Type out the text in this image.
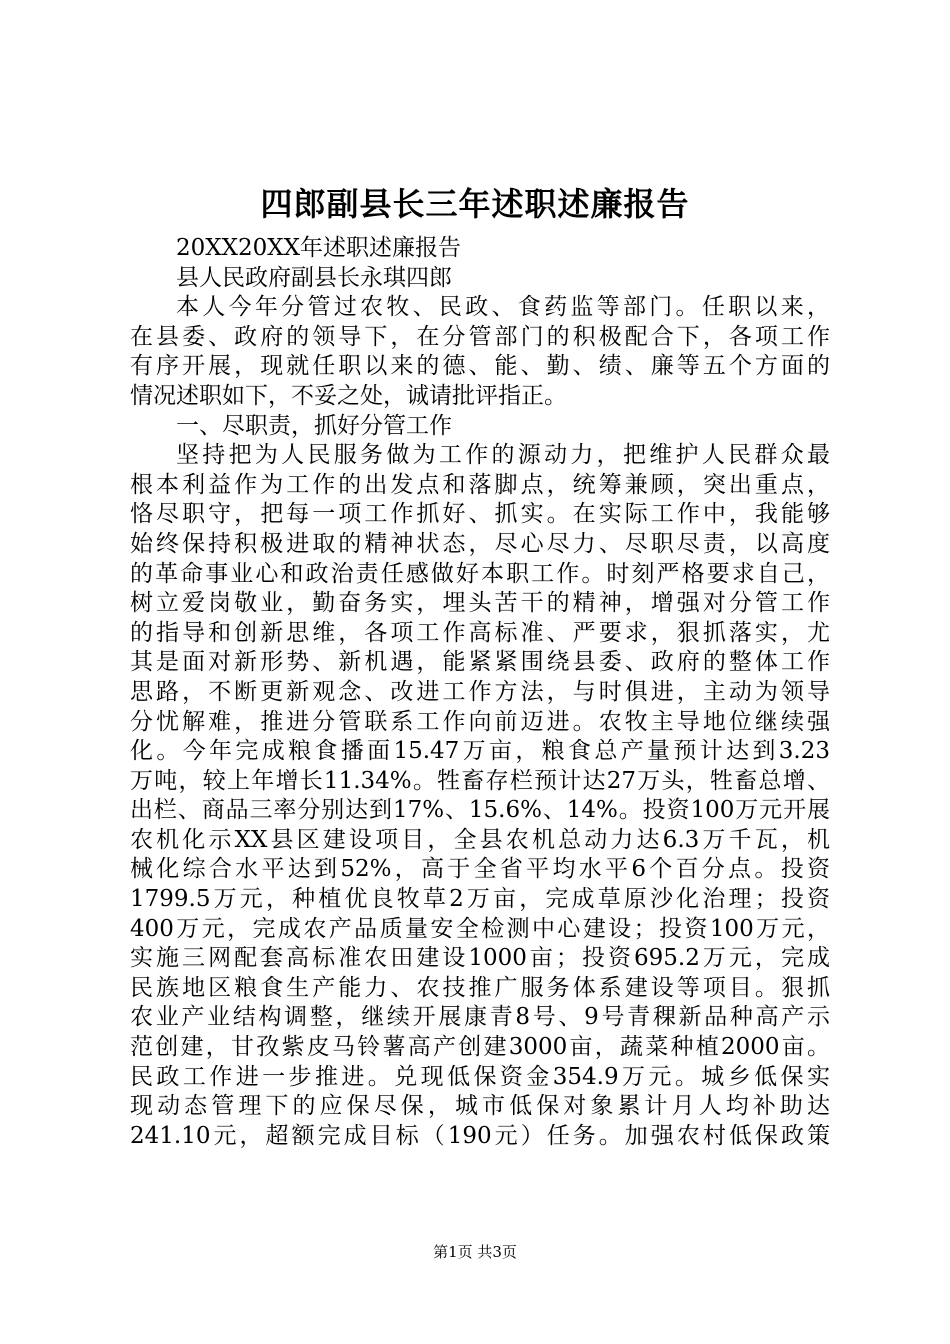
四郎副县长三年述职述廉报告
20XX20XX年述职述廉报告
县人民政府副县长永琪四郎
本人今年分管过农牧、民政、食药监等部门。任职以来，
在县委、政府的领导下，在分管部门的积极配合下，各项工作
有序开展，现就任职以来的德、能、勤、绩、廉等五个方面的
情况述职如下，不妥之处，诚请批评指正。
一、尽职责，抓好分管工作
坚持把为人民服务做为工作的源动力，把维护人民群众最
根本利益作为工作的出发点和落脚点，统筹兼顾，突出重点，
恪尽职守，把每一项工作抓好、抓实。在实际工作中，我能够
始终保持积极进取的精神状态，尽心尽力、尽职尽责，以高度
的革命事业心和政治责任感做好本职工作。时刻严格要求自己，
树立爱岗敬业，勤奋务实，埋头苦干的精神，增强对分管工作
的指导和创新思维，各项工作高标准、严要求，狠抓落实，尤
其是面对新形势、新机遇，能紧紧围绕县委、政府的整体工作
思路，不断更新观念、改进工作方法，与时俱进，主动为领导
分忧解难，推进分管联系工作向前迈进。农牧主导地位继续强
化。今年完成粮食播面15.47万亩，粮食总产量预计达到3.23
万吨，较上年增长11.34%。牲畜存栏预计达27万头，牲畜总增、
出栏、商品三率分别达到17%、15.6%、14%。投资100万元开展
农机化示XX县区建设项目，全县农机总动力达6.3万千瓦，机
械化综合水平达到52%，高于全省平均水平6个百分点。投资
1799.5万元，种植优良牧草2万亩，完成草原沙化治理；投资
400万元，完成农产品质量安全检测中心建设；投资100万元，
实施三网配套高标准农田建设1000亩；投资695.2万元，完成
民族地区粮食生产能力、农技推广服务体系建设等项目。狠抓
农业产业结构调整，继续开展康青8号、9号青稞新品种高产示
范创建，甘孜紫皮马铃薯高产创建3000亩，蔬菜种植2000亩。
民政工作进一步推进。兑现低保资金354.9万元。城乡低保实
现动态管理下的应保尽保，城市低保对象累计月人均补助达
241.10元，超额完成目标（190元）任务。加强农村低保政策
第1页 共3页
